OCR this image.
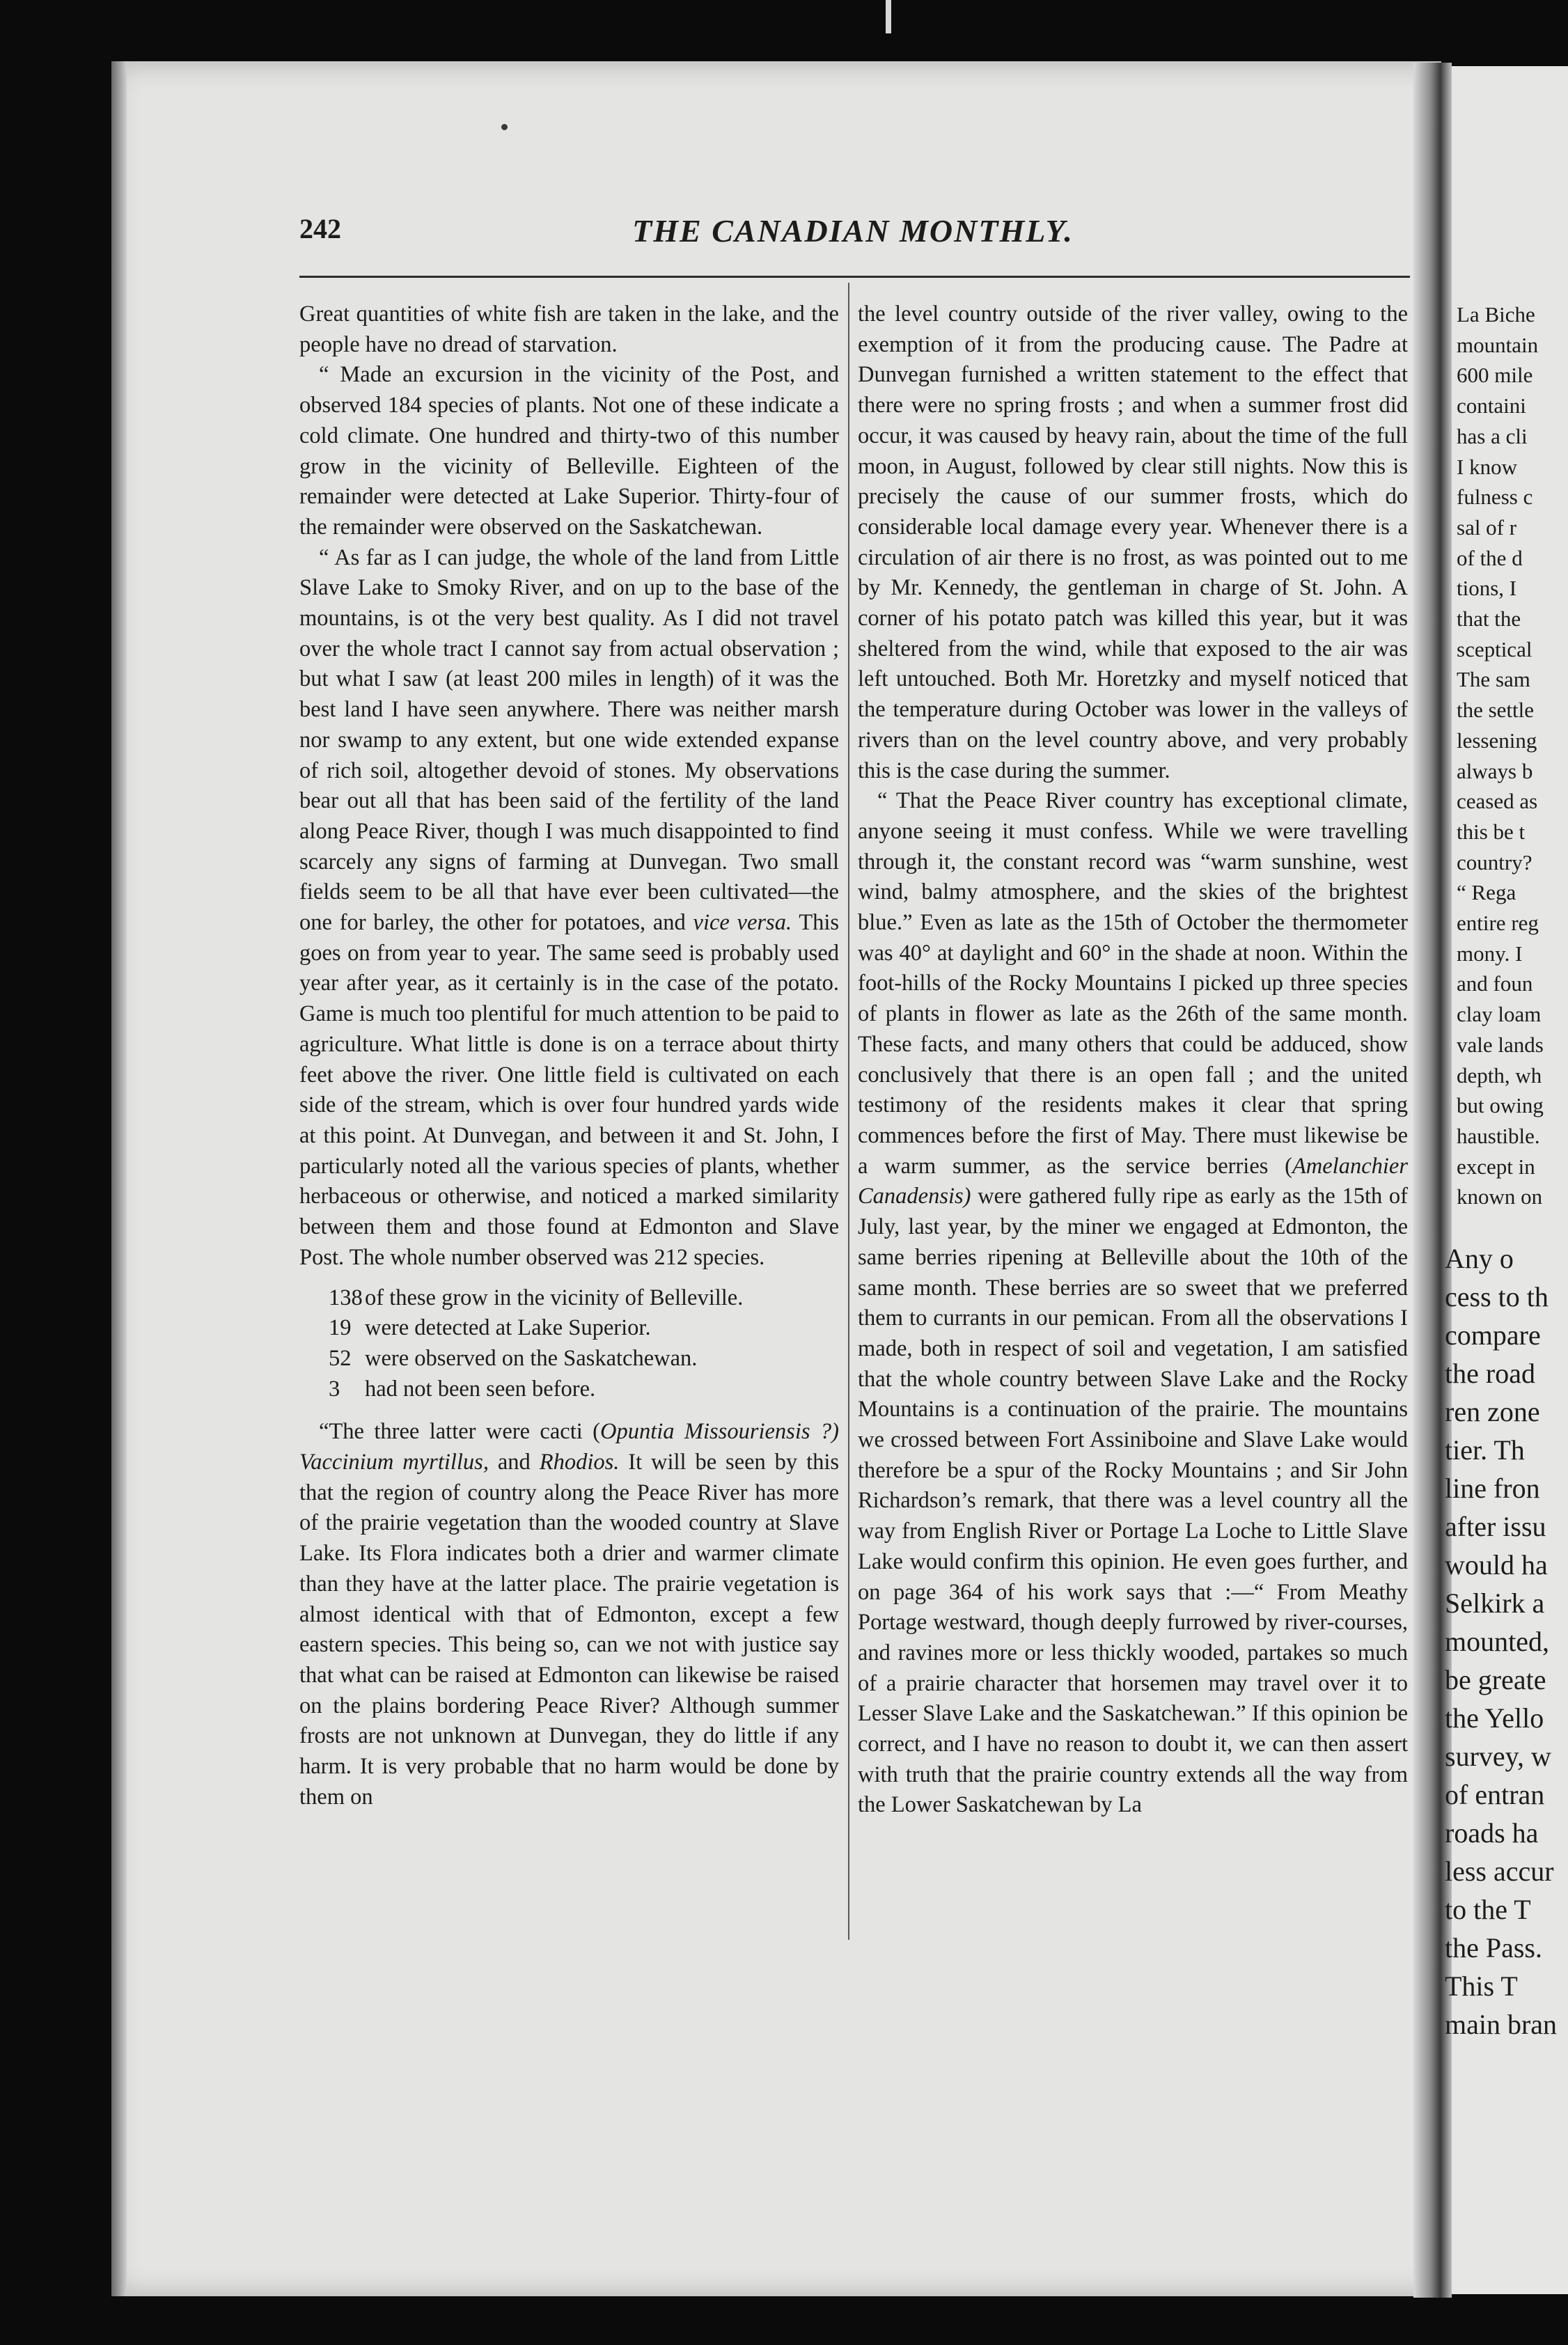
242	THE CANADIAN MONTHLY.

Great quantities of white fish are taken in the lake, and the people have no dread of starvation.

“ Made an excursion in the vicinity of the Post, and observed 184 species of plants. Not one of these indicate a cold climate. One hundred and thirty-two of this number grow in the vicinity of Belleville. Eighteen of the remainder were detected at Lake Superior. Thirty-four of the remainder were observed on the Saskatchewan.

“ As far as I can judge, the whole of the land from Little Slave Lake to Smoky River, and on up to the base of the mountains, is ot the very best quality. As I did not travel over the whole tract I cannot say from actual observation ; but what I saw (at least 200 miles in length) of it was the best land I have seen anywhere. There was neither marsh nor swamp to any extent, but one wide extended expanse of rich soil, altogether devoid of stones. My observations bear out all that has been said of the fertility of the land along Peace River, though I was much disappointed to find scarcely any signs of farming at Dunvegan. Two small fields seem to be all that have ever been cultivated—the one for barley, the other for potatoes, and vice versa. This goes on from year to year. The same seed is probably used year after year, as it certainly is in the case of the potato. Game is much too plentiful for much attention to be paid to agriculture. What little is done is on a terrace about thirty feet above the river. One little field is cultivated on each side of the stream, which is over four hundred yards wide at this point. At Dunvegan, and between it and St. John, I particularly noted all the various species of plants, whether herbaceous or otherwise, and noticed a marked similarity between them and those found at Edmonton and Slave Post. The whole number observed was 212 species.

138 of these grow in the vicinity of Belleville.
19 were detected at Lake Superior.
52 were observed on the Saskatchewan.
3 had not been seen before.

“The three latter were cacti (Opuntia Missouriensis ?) Vaccinium myrtillus, and Rhodios. It will be seen by this that the region of country along the Peace River has more of the prairie vegetation than the wooded country at Slave Lake. Its Flora indicates both a drier and warmer climate than they have at the latter place. The prairie vegetation is almost identical with that of Edmonton, except a few eastern species. This being so, can we not with justice say that what can be raised at Edmonton can likewise be raised on the plains bordering Peace River? Although summer frosts are not unknown at Dunvegan, they do little if any harm. It is very probable that no harm would be done by them on

the level country outside of the river valley, owing to the exemption of it from the producing cause. The Padre at Dunvegan furnished a written statement to the effect that there were no spring frosts ; and when a summer frost did occur, it was caused by heavy rain, about the time of the full moon, in August, followed by clear still nights. Now this is precisely the cause of our summer frosts, which do considerable local damage every year. Whenever there is a circulation of air there is no frost, as was pointed out to me by Mr. Kennedy, the gentleman in charge of St. John. A corner of his potato patch was killed this year, but it was sheltered from the wind, while that exposed to the air was left untouched. Both Mr. Horetzky and myself noticed that the temperature during October was lower in the valleys of rivers than on the level country above, and very probably this is the case during the summer.

“ That the Peace River country has exceptional climate, anyone seeing it must confess. While we were travelling through it, the constant record was “warm sunshine, west wind, balmy atmosphere, and the skies of the brightest blue.” Even as late as the 15th of October the thermometer was 40° at daylight and 60° in the shade at noon. Within the foot-hills of the Rocky Mountains I picked up three species of plants in flower as late as the 26th of the same month. These facts, and many others that could be adduced, show conclusively that there is an open fall ; and the united testimony of the residents makes it clear that spring commences before the first of May. There must likewise be a warm summer, as the service berries (Amelanchier Canadensis) were gathered fully ripe as early as the 15th of July, last year, by the miner we engaged at Edmonton, the same berries ripening at Belleville about the 10th of the same month. These berries are so sweet that we preferred them to currants in our pemican. From all the observations I made, both in respect of soil and vegetation, I am satisfied that the whole country between Slave Lake and the Rocky Mountains is a continuation of the prairie. The mountains we crossed between Fort Assiniboine and Slave Lake would therefore be a spur of the Rocky Mountains ; and Sir John Richardson’s remark, that there was a level country all the way from English River or Portage La Loche to Little Slave Lake would confirm this opinion. He even goes further, and on page 364 of his work says that :—“ From Meathy Portage westward, though deeply furrowed by river-courses, and ravines more or less thickly wooded, partakes so much of a prairie character that horsemen may travel over it to Lesser Slave Lake and the Saskatchewan.” If this opinion be correct, and I have no reason to doubt it, we can then assert with truth that the prairie country extends all the way from the Lower Saskatchewan by La

La Biche
mountain
600 mile
containi
has a cli
I know
fulness c
sal of r
of the d
tions, I
that the
sceptical
The sam
the settle
lessening
always b
ceased as
this be t
country?
“ Rega
entire reg
mony. I
and foun
clay loam
vale lands
depth, wh
but owing
haustible.
except in
known on
Any o
cess to th
compare
the road
ren zone
tier. Th
line fron
after issu
would ha
Selkirk a
mounted,
be greate
the Yello
survey, w
of entran
roads ha
less accur
to the T
the Pass.
This T
main bran
